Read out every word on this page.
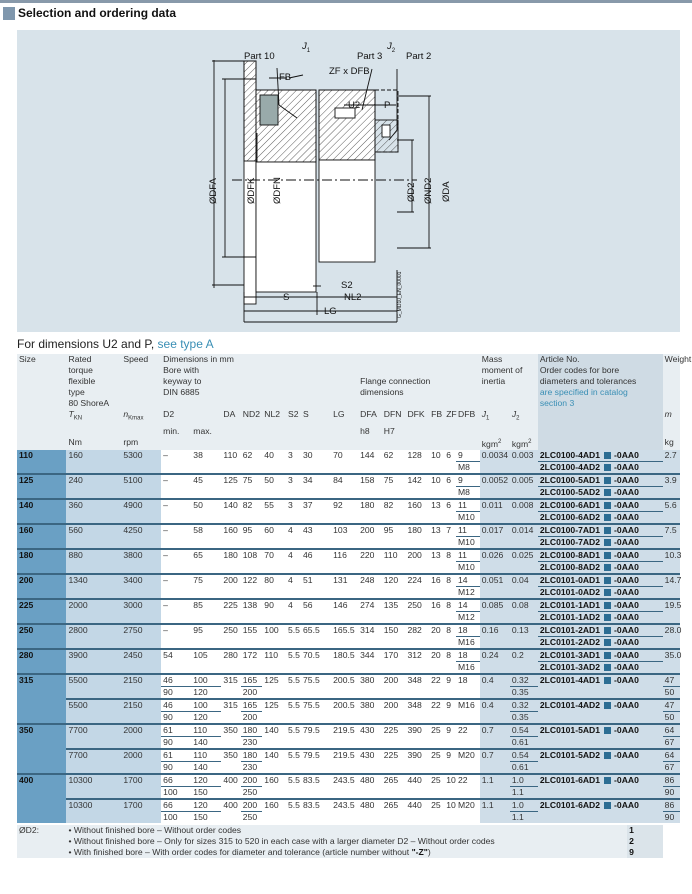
Selection and ordering data
Part 10
$J_1$
Part 3
$J_2$
Part 2
FB
ZF x DFB
U2	P
ØDFA	ØDFK ØDFN	ØD2 ØND2 ØDA
S2
S	NL2
LG	G_MD10_EN_00001
For dimensions U2 and P, see type A
Size	Rated	Speed	Dimensions in mm														Mass		Article No.		Weight
	torque		Bore with														moment of		Order codes for bore		
	flexible		keyway to								Flange connection						inertia		diameters and tolerances		
	type		DIN 6885								dimensions								are specified in catalog		
	80 ShoreA																		section 3		
	$T_{KN}$	$n_{Kmax}$	D2		DA	ND2	NL2	S2	S	LG	DFA	DFN	DFK	FB	ZF	DFB	$J_1$	$J_2$			m
			min.	max.							h8	H7									
	Nm	rpm															kgm$^2$	kgm$^2$			kg
110	160	5300	–	38	110	62	40	3	30	70	144	62	128	10	6	9	0.0034	0.003	2LC0100-4AD1 -0AA0		2.7
																M8			2LC0100-4AD2 -0AA0		
125	240	5100	–	45	125	75	50	3	34	84	158	75	142	10	6	9	0.0052	0.005	2LC0100-5AD1 -0AA0		3.9
																M8			2LC0100-5AD2 -0AA0		
140	360	4900	–	50	140	82	55	3	37	92	180	82	160	13	6	11	0.011	0.008	2LC0100-6AD1 -0AA0		5.6
																M10			2LC0100-6AD2 -0AA0		
160	560	4250	–	58	160	95	60	4	43	103	200	95	180	13	7	11	0.017	0.014	2LC0100-7AD1 -0AA0		7.5
																M10			2LC0100-7AD2 -0AA0		
180	880	3800	–	65	180	108	70	4	46	116	220	110	200	13	8	11	0.026	0.025	2LC0100-8AD1 -0AA0		10.3
																M10			2LC0100-8AD2 -0AA0		
200	1340	3400	–	75	200	122	80	4	51	131	248	120	224	16	8	14	0.051	0.04	2LC0101-0AD1 -0AA0		14.7
																M12			2LC0101-0AD2 -0AA0		
225	2000	3000	–	85	225	138	90	4	56	146	274	135	250	16	8	14	0.085	0.08	2LC0101-1AD1 -0AA0		19.5
																M12			2LC0101-1AD2 -0AA0		
250	2800	2750	–	95	250	155	100	5.5	65.5	165.5	314	150	282	20	8	18	0.16	0.13	2LC0101-2AD1 -0AA0		28.0
																M16			2LC0101-2AD2 -0AA0		
280	3900	2450	54	105	280	172	110	5.5	70.5	180.5	344	170	312	20	8	18	0.24	0.2	2LC0101-3AD1 -0AA0		35.0
																M16			2LC0101-3AD2 -0AA0		
315	5500	2150	46	100	315	165	125	5.5	75.5	200.5	380	200	348	22	9	18	0.4	0.32	2LC0101-4AD1 -0AA0		47
			90	120		200												0.35			50
	5500	2150	46	100	315	165	125	5.5	75.5	200.5	380	200	348	22	9	M16	0.4	0.32	2LC0101-4AD2 -0AA0		47
			90	120		200												0.35			50
350	7700	2000	61	110	350	180	140	5.5	79.5	219.5	430	225	390	25	9	22	0.7	0.54	2LC0101-5AD1 -0AA0		64
			90	140		230												0.61			67
	7700	2000	61	110	350	180	140	5.5	79.5	219.5	430	225	390	25	9	M20	0.7	0.54	2LC0101-5AD2 -0AA0		64
			90	140		230												0.61			67
400	10300	1700	66	120	400	200	160	5.5	83.5	243.5	480	265	440	25	10	22	1.1	1.0	2LC0101-6AD1 -0AA0		86
			100	150		250												1.1			90
	10300	1700	66	120	400	200	160	5.5	83.5	243.5	480	265	440	25	10	M20	1.1	1.0	2LC0101-6AD2 -0AA0		86
			100	150		250												1.1			90
ØD2:	• Without finished bore – Without order codes																			1	
	• Without finished bore – Only for sizes 315 to 520 in each case with a larger diameter D2 – Without order codes																			2	
	• With finished bore – With order codes for diameter and tolerance (article number without "-Z")																			9	
